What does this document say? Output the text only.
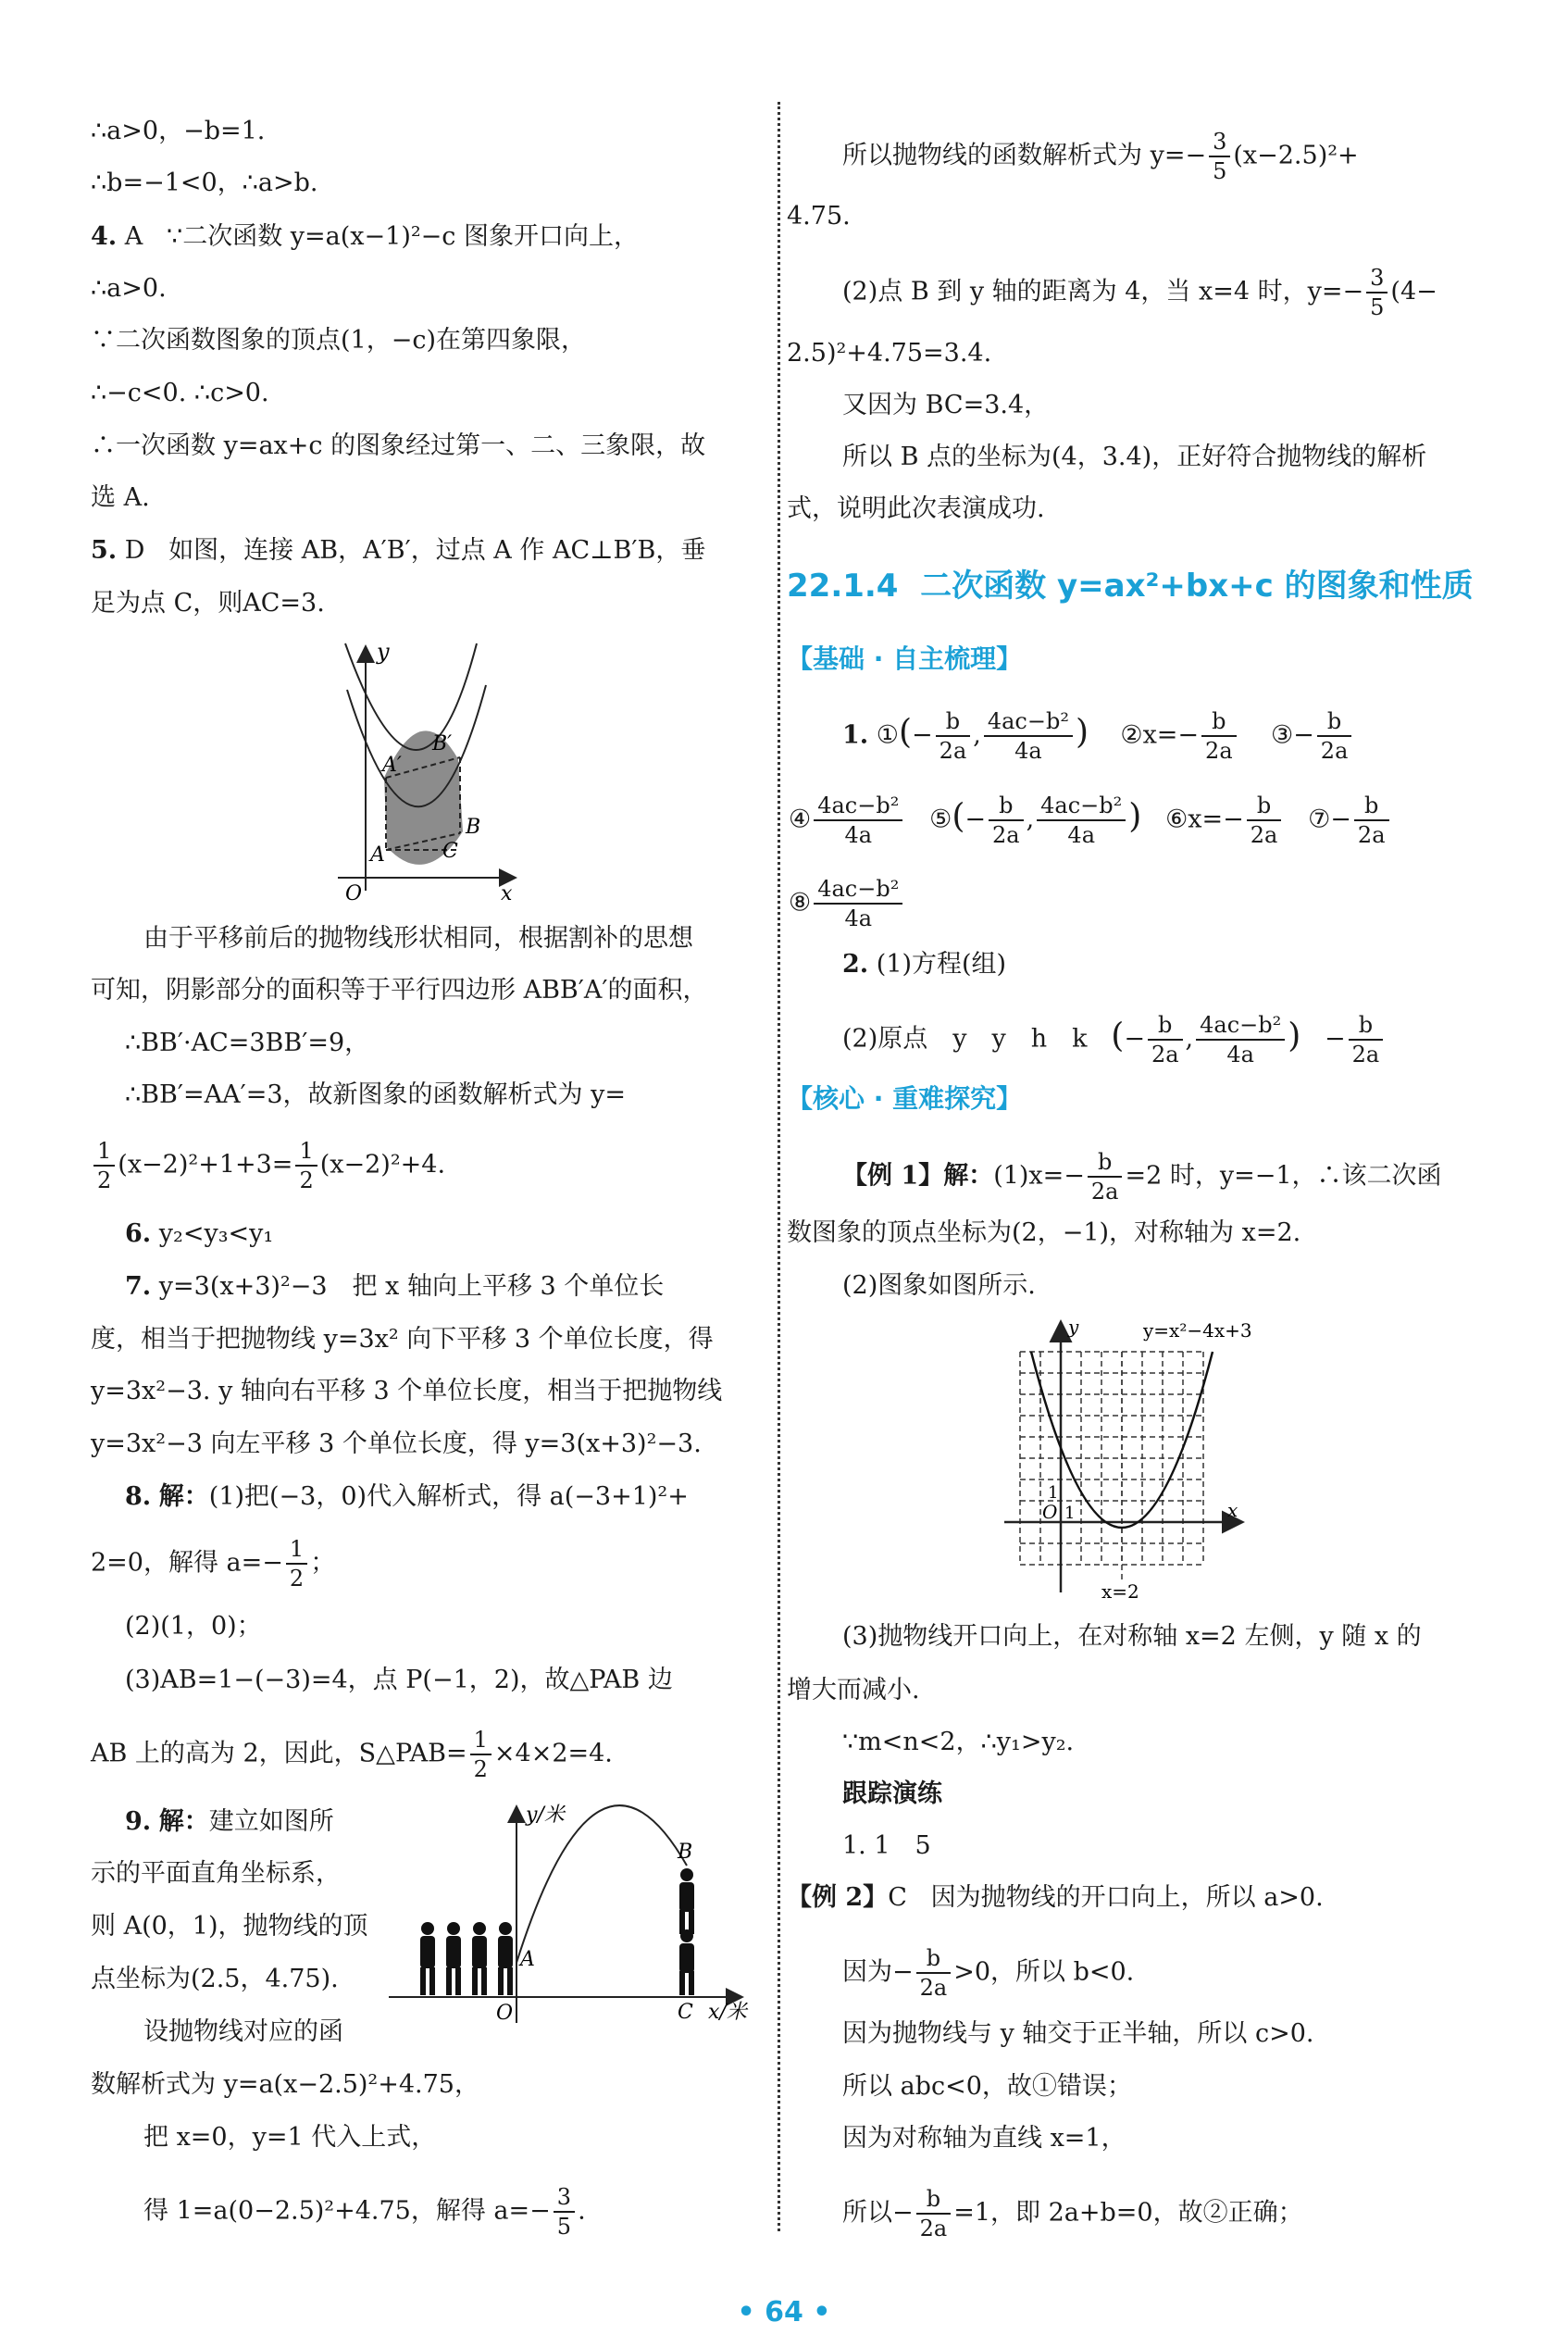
∴a>0，−b=1.
∴b=−1<0，∴a>b.
4. A ∵二次函数 y=a(x−1)²−c 图象开口向上，
∴a>0.
∵二次函数图象的顶点(1，−c)在第四象限，
∴−c<0. ∴c>0.
∴一次函数 y=ax+c 的图象经过第一、二、三象限，故
选 A.
5. D 如图，连接 AB，A′B′，过点 A 作 AC⊥B′B，垂
足为点 C，则AC=3.
y
A′
B′
B
A	C
O	x
由于平移前后的抛物线形状相同，根据割补的思想
可知，阴影部分的面积等于平行四边形 ABB′A′的面积，
∴BB′·AC=3BB′=9，
∴BB′=AA′=3，故新图象的函数解析式为 y=
$\frac{1}{2} (x-2)^2+1+3= \frac{1}{2} (x-2)^2+4$.
6. y₂<y₃<y₁
7. y=3(x+3)²−3　把 x 轴向上平移 3 个单位长
度，相当于把抛物线 y=3x² 向下平移 3 个单位长度，得
y=3x²−3. y 轴向右平移 3 个单位长度，相当于把抛物线
y=3x²−3 向左平移 3 个单位长度，得 y=3(x+3)²−3.
8. 解：(1)把(−3，0)代入解析式，得 a(−3+1)²+
2=0，解得 $a=- \frac{1}{2}$ ；
(2)(1，0)；
(3)AB=1−(−3)=4，点 P(−1，2)，故△PAB 边
AB 上的高为 2，因此，S△PAB= $\frac{1}{2} \times 4\times 2=4$.
9. 解：建立如图所
示的平面直角坐标系，
则 A(0，1)，抛物线的顶
点坐标为(2.5，4.75).
设抛物线对应的函
数解析式为 y=a(x−2.5)²+4.75，
把 x=0，y=1 代入上式，
得 1=a(0−2.5)²+4.75，解得 $a=- \frac{3}{5}$ .
y/米
B
A
O	C x/米
所以抛物线的函数解析式为 $y=- \frac{3}{5} (x-2.5)^2+$
4.75.
(2)点 B 到 y 轴的距离为 4，当 x=4 时，$y=- \frac{3}{5} (4-$
2.5)²+4.75=3.4.
又因为 BC=3.4，
所以 B 点的坐标为(4，3.4)，正好符合抛物线的解析
式，说明此次表演成功.
22.1.4 二次函数 y=ax²+bx+c 的图象和性质
【基础 · 自主梳理】
1. ①(− $\frac{b}{2a}$ , $\frac{\text{4ac−b²}}{4a}$ ) ②x=− $\frac{b}{2a}$ ③− $\frac{b}{2a}$
④ $\frac{\text{4ac−b²}}{4a}$ ⑤(− $\frac{b}{2a}$ , $\frac{\text{4ac−b²}}{4a}$ ) ⑥x=− $\frac{b}{2a}$ ⑦− $\frac{b}{2a}$
⑧ $\frac{\text{4ac−b²}}{4a}$
2. (1)方程(组)
(2)原点　y　y　h　k (− $\frac{b}{2a}$ , $\frac{\text{4ac−b²}}{4a}$ )   − $\frac{b}{2a}$
【核心 · 重难探究】
【例 1】解：$(1)x=- \frac{b}{2a} =2$ 时，y=−1，∴该二次函
数图象的顶点坐标为(2，−1)，对称轴为 x=2.
(2)图象如图所示.
y	y=x²−4x+3
O 1
1
x
x=2
(3)抛物线开口向上，在对称轴 x=2 左侧，y 随 x 的
增大而减小.
∵m<n<2，∴y₁>y₂.
跟踪演练
1. 1　5
【例 2】C 因为抛物线的开口向上，所以 a>0.
因为− $\frac{b}{2a} >0$，所以 b<0.
因为抛物线与 y 轴交于正半轴，所以 c>0.
所以 abc<0，故①错误；
因为对称轴为直线 x=1，
所以− $\frac{b}{2a} =1$，即 2a+b=0，故②正确；
• 64 •
